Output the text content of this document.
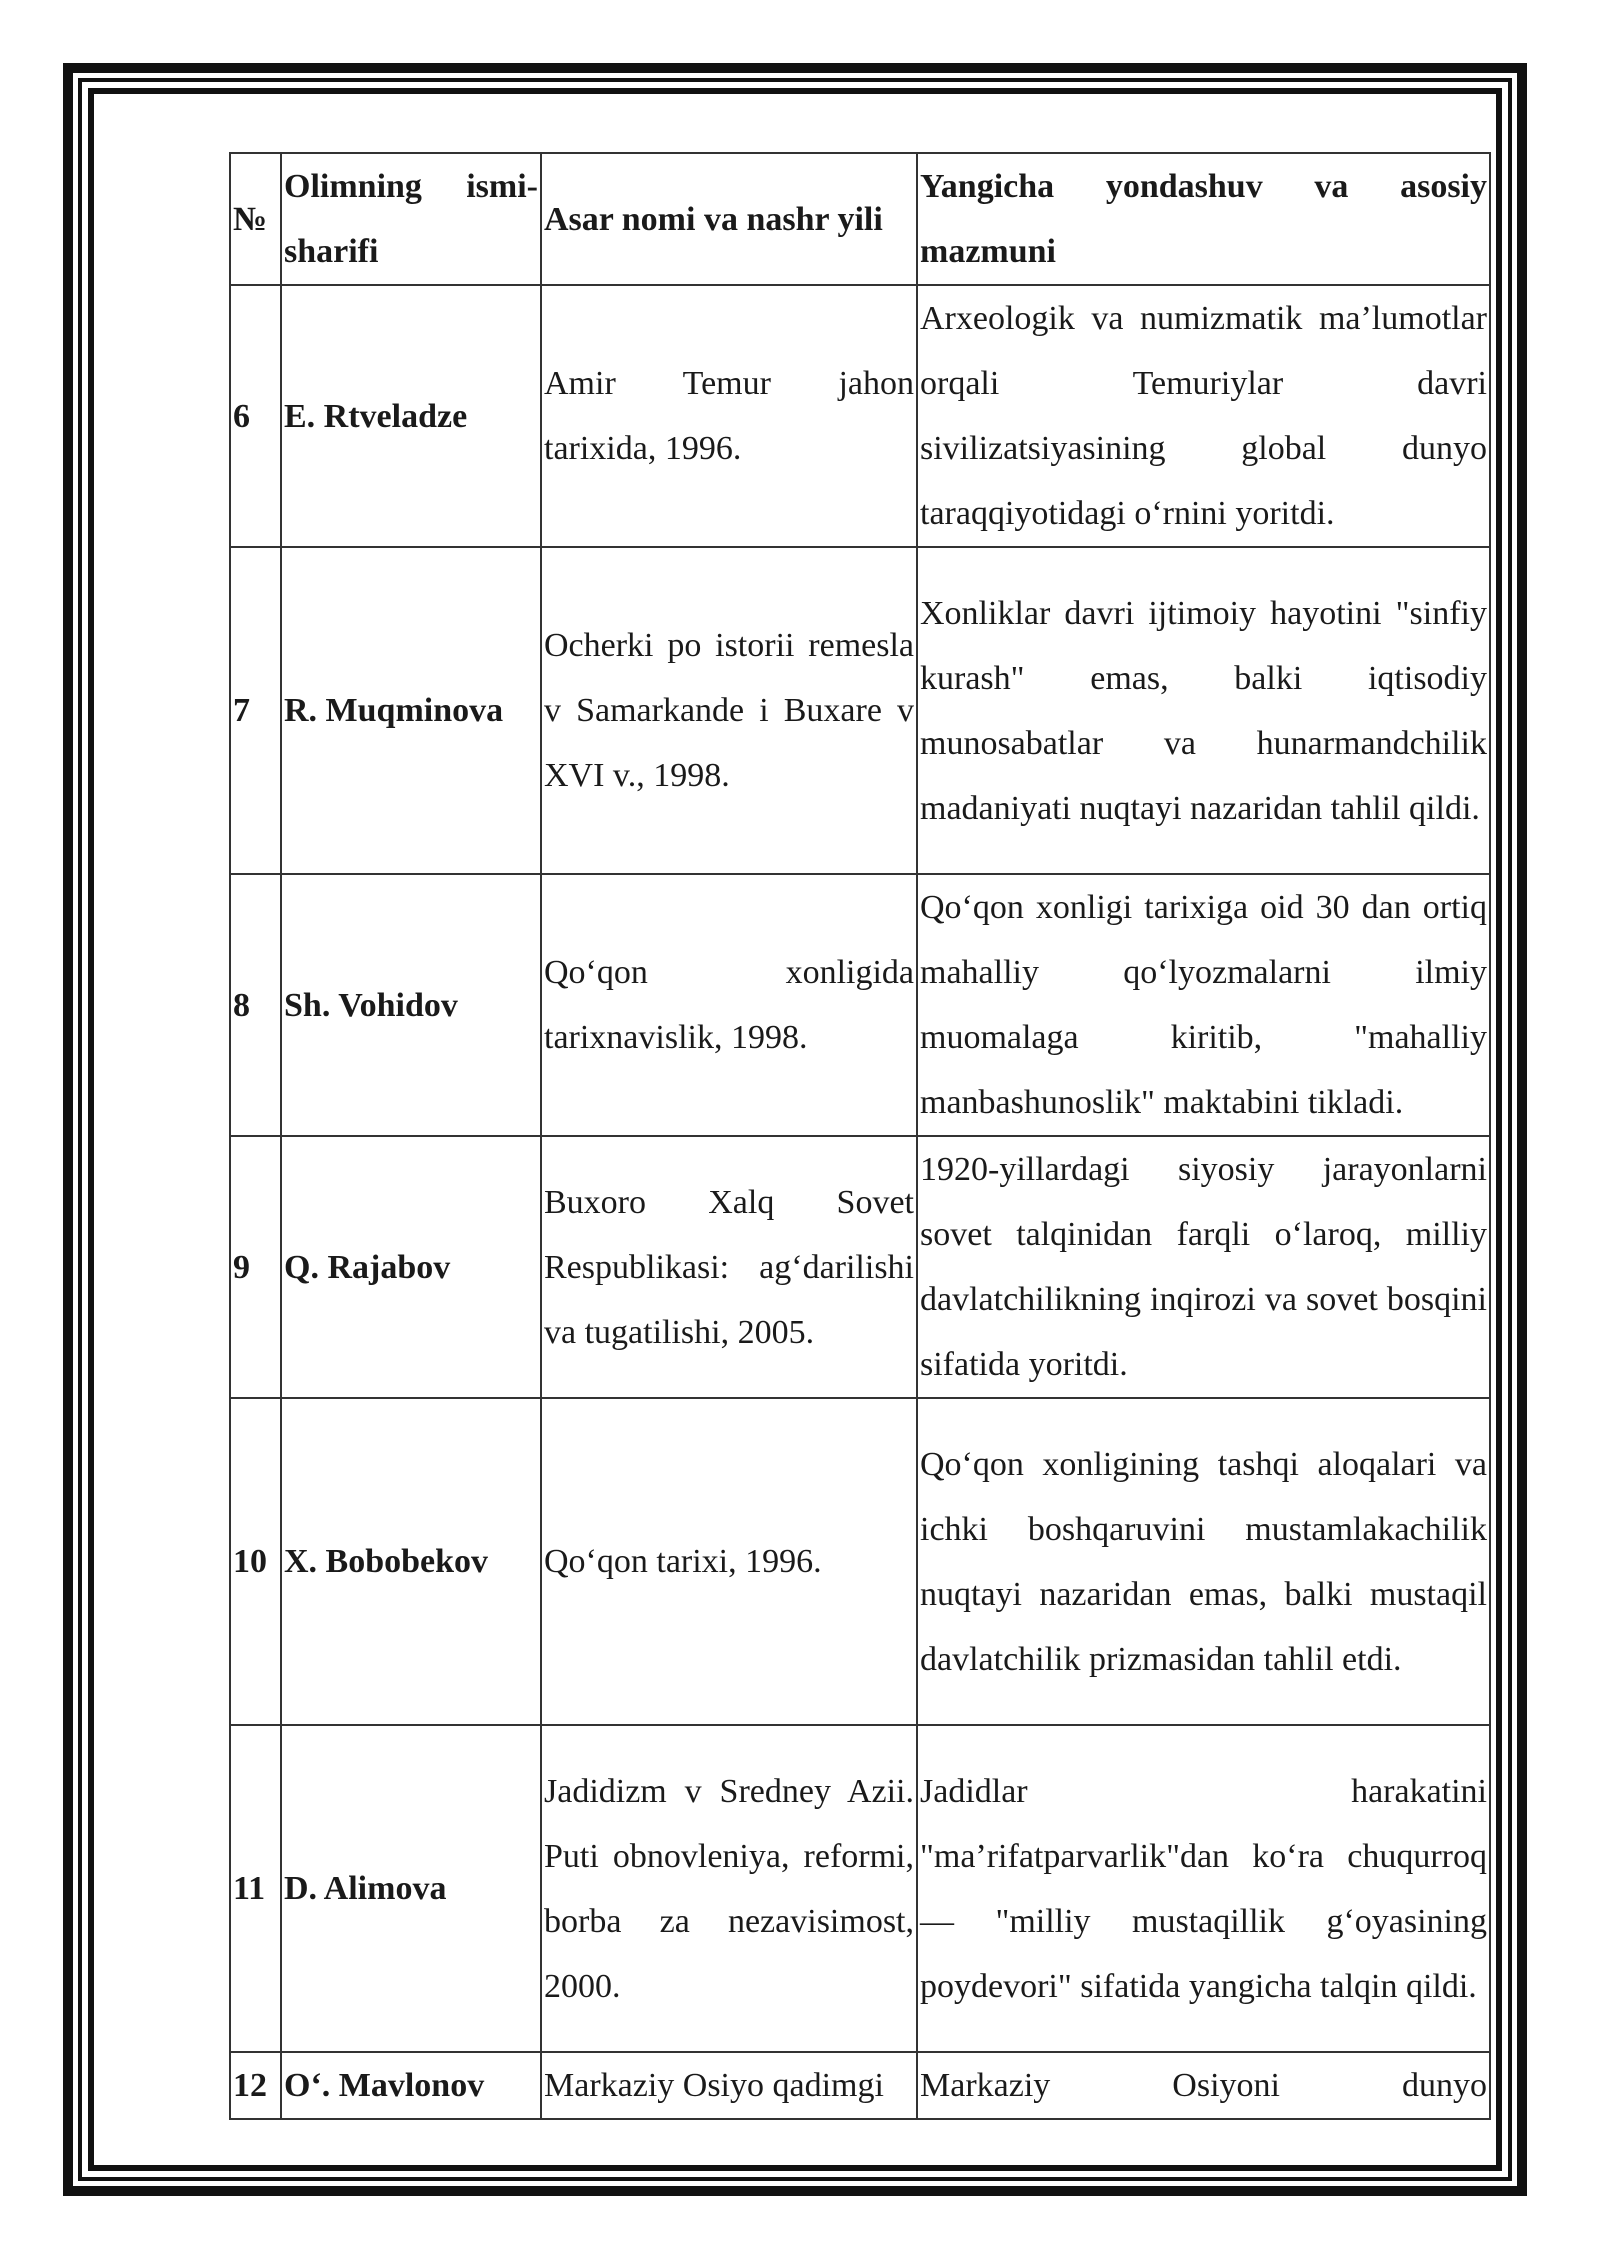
№	Olimning ismi-sharifi	Asar nomi va nashr yili	Yangicha yondashuv va asosiy mazmuni
6	E. Rtveladze	Amir Temur jahon tarixida, 1996.	Arxeologik va numizmatik ma’lumotlar orqali Temuriylar davri sivilizatsiyasining global dunyo taraqqiyotidagi o‘rnini yoritdi.
7	R. Muqminova	Ocherki po istorii remesla v Samarkande i Buxare v XVI v., 1998.	Xonliklar davri ijtimoiy hayotini "sinfiy kurash" emas, balki iqtisodiy munosabatlar va hunarmandchilik madaniyati nuqtayi nazaridan tahlil qildi.
8	Sh. Vohidov	Qo‘qon xonligida tarixnavislik, 1998.	Qo‘qon xonligi tarixiga oid 30 dan ortiq mahalliy qo‘lyozmalarni ilmiy muomalaga kiritib, "mahalliy manbashunoslik" maktabini tikladi.
9	Q. Rajabov	Buxoro Xalq Sovet Respublikasi: ag‘darilishi va tugatilishi, 2005.	1920-yillardagi siyosiy jarayonlarni sovet talqinidan farqli o‘laroq, milliy davlatchilikning inqirozi va sovet bosqini sifatida yoritdi.
10	X. Bobobekov	Qo‘qon tarixi, 1996.	Qo‘qon xonligining tashqi aloqalari va ichki boshqaruvini mustamlakachilik nuqtayi nazaridan emas, balki mustaqil davlatchilik prizmasidan tahlil etdi.
11	D. Alimova	Jadidizm v Sredney Azii. Puti obnovleniya, reformi, borba za nezavisimost, 2000.	Jadidlar harakatini "ma’rifatparvarlik"dan ko‘ra chuqurroq — "milliy mustaqillik g‘oyasining poydevori" sifatida yangicha talqin qildi.
12	O‘. Mavlonov	Markaziy Osiyo qadimgi	Markaziy Osiyoni dunyo
